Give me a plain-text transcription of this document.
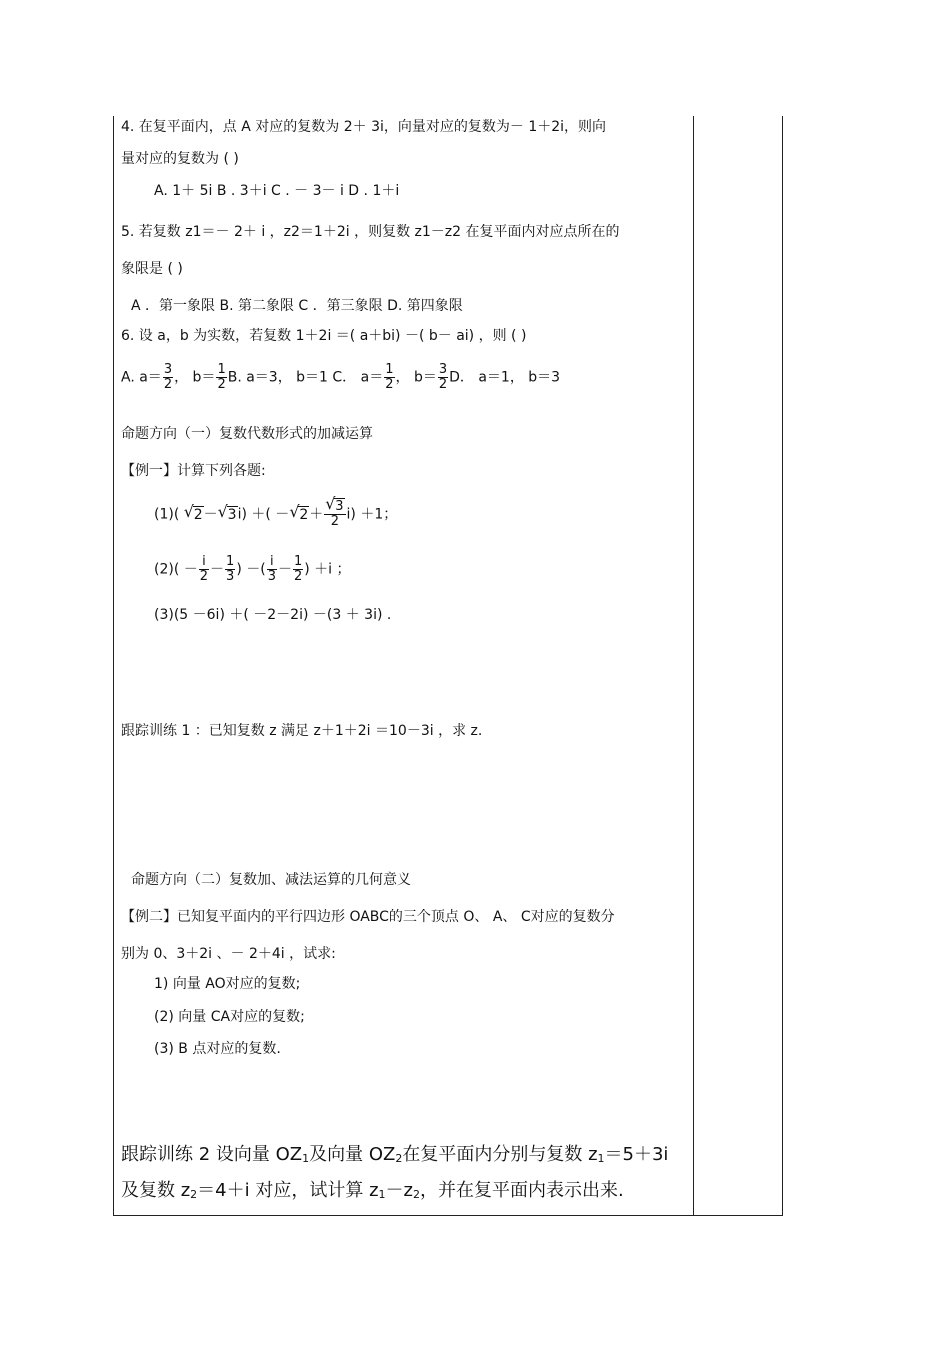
4. 在复平面内，点 A 对应的复数为 2＋ 3i，向量对应的复数为－ 1＋2i，则向
量对应的复数为 ( )
A. 1＋ 5i B . 3＋i C . － 3－ i D . 1＋i
5. 若复数 z1＝－ 2＋ i ，z2＝1＋2i ，则复数 z1－z2 在复平面内对应点所在的
象限是 ( )
A ．第一象限 B. 第二象限 C ．第三象限 D. 第四象限
6. 设 a，b 为实数，若复数 1＋2i ＝( a＋bi) －( b－ ai) ，则 ( )
A. $a= \frac{3}{2}$ ， $b= \frac{1}{2} B$. a＝3， b＝1 C． $a= \frac{1}{2}$ ， $b= \frac{3}{2}$ D． a＝1， b＝3
命题方向（一）复数代数形式的加减运算
【例一】计算下列各题:
(1)( √ 2－ √ 3i) ＋( － √ 2＋ √ $\frac{3}{2} i) +1$；
$(2)( - \frac{i}{2} - \frac{1}{3}$ ) －( $\frac{i}{3} - \frac{1}{2}$ ) ＋i ；
(3)(5 －6i) ＋( －2－2i) －(3 ＋ 3i) .
跟踪训练 1 ：已知复数 z 满足 z＋1＋2i ＝10－3i ，求 z.
命题方向（二）复数加、减法运算的几何意义
【例二】已知复平面内的平行四边形 OABC的三个顶点 O、 A、 C对应的复数分
别为 0、3＋2i 、－ 2＋4i ，试求:
1) 向量 AO对应的复数;
(2) 向量 CA对应的复数;
(3) B 点对应的复数.
跟踪训练 2 设向量 $OZ_1$及向量 $OZ_2$在复平面内分别与复数 $z_1=5+3i$
及复数 $z_2=4+i$ 对应，试计算 $z_1-z_2$，并在复平面内表示出来.
